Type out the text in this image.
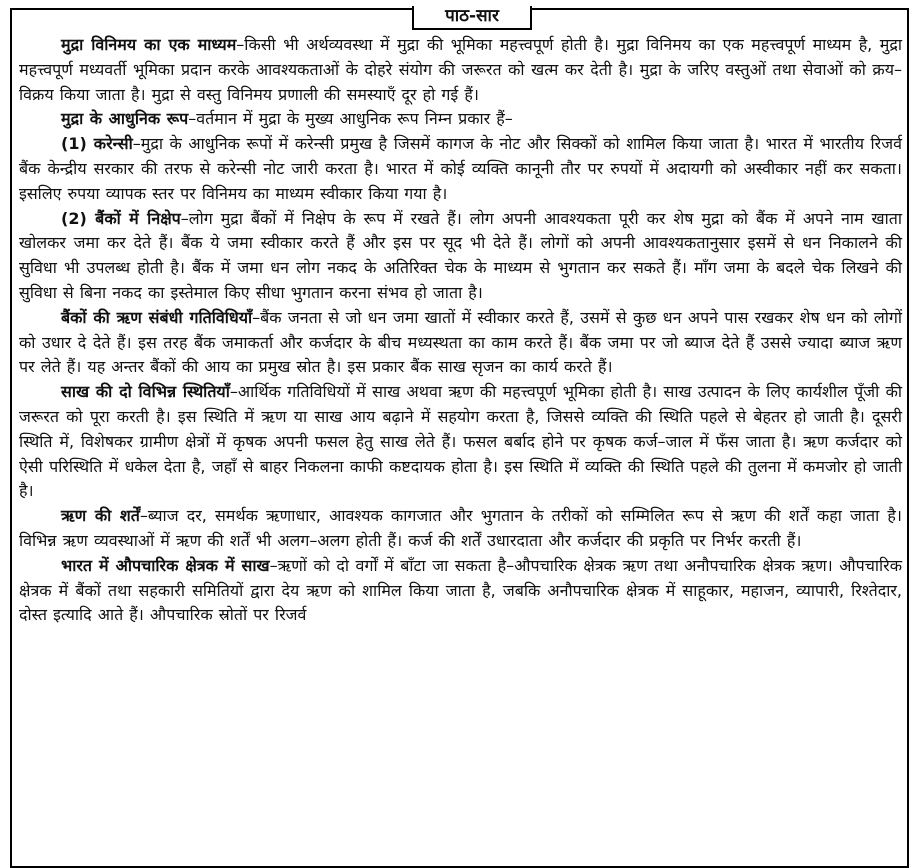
पाठ-सार

मुद्रा विनिमय का एक माध्यम–किसी भी अर्थव्यवस्था में मुद्रा की भूमिका महत्त्वपूर्ण होती है। मुद्रा विनिमय का एक महत्त्वपूर्ण माध्यम है, मुद्रा महत्त्वपूर्ण मध्यवर्ती भूमिका प्रदान करके आवश्यकताओं के दोहरे संयोग की जरूरत को खत्म कर देती है। मुद्रा के जरिए वस्तुओं तथा सेवाओं को क्रय–विक्रय किया जाता है। मुद्रा से वस्तु विनिमय प्रणाली की समस्याएँ दूर हो गई हैं।

मुद्रा के आधुनिक रूप–वर्तमान में मुद्रा के मुख्य आधुनिक रूप निम्न प्रकार हैं–

(1) करेन्सी–मुद्रा के आधुनिक रूपों में करेन्सी प्रमुख है जिसमें कागज के नोट और सिक्कों को शामिल किया जाता है। भारत में भारतीय रिजर्व बैंक केन्द्रीय सरकार की तरफ से करेन्सी नोट जारी करता है। भारत में कोई व्यक्ति कानूनी तौर पर रुपयों में अदायगी को अस्वीकार नहीं कर सकता। इसलिए रुपया व्यापक स्तर पर विनिमय का माध्यम स्वीकार किया गया है।

(2) बैंकों में निक्षेप–लोग मुद्रा बैंकों में निक्षेप के रूप में रखते हैं। लोग अपनी आवश्यकता पूरी कर शेष मुद्रा को बैंक में अपने नाम खाता खोलकर जमा कर देते हैं। बैंक ये जमा स्वीकार करते हैं और इस पर सूद भी देते हैं। लोगों को अपनी आवश्यकतानुसार इसमें से धन निकालने की सुविधा भी उपलब्ध होती है। बैंक में जमा धन लोग नकद के अतिरिक्त चेक के माध्यम से भुगतान कर सकते हैं। माँग जमा के बदले चेक लिखने की सुविधा से बिना नकद का इस्तेमाल किए सीधा भुगतान करना संभव हो जाता है।

बैंकों की ऋण संबंधी गतिविधियाँ–बैंक जनता से जो धन जमा खातों में स्वीकार करते हैं, उसमें से कुछ धन अपने पास रखकर शेष धन को लोगों को उधार दे देते हैं। इस तरह बैंक जमाकर्ता और कर्जदार के बीच मध्यस्थता का काम करते हैं। बैंक जमा पर जो ब्याज देते हैं उससे ज्यादा ब्याज ऋण पर लेते हैं। यह अन्तर बैंकों की आय का प्रमुख स्रोत है। इस प्रकार बैंक साख सृजन का कार्य करते हैं।

साख की दो विभिन्न स्थितियाँ–आर्थिक गतिविधियों में साख अथवा ऋण की महत्त्वपूर्ण भूमिका होती है। साख उत्पादन के लिए कार्यशील पूँजी की जरूरत को पूरा करती है। इस स्थिति में ऋण या साख आय बढ़ाने में सहयोग करता है, जिससे व्यक्ति की स्थिति पहले से बेहतर हो जाती है। दूसरी स्थिति में, विशेषकर ग्रामीण क्षेत्रों में कृषक अपनी फसल हेतु साख लेते हैं। फसल बर्बाद होने पर कृषक कर्ज–जाल में फँस जाता है। ऋण कर्जदार को ऐसी परिस्थिति में धकेल देता है, जहाँ से बाहर निकलना काफी कष्टदायक होता है। इस स्थिति में व्यक्ति की स्थिति पहले की तुलना में कमजोर हो जाती है।

ऋण की शर्तें–ब्याज दर, समर्थक ऋणाधार, आवश्यक कागजात और भुगतान के तरीकों को सम्मिलित रूप से ऋण की शर्तें कहा जाता है। विभिन्न ऋण व्यवस्थाओं में ऋण की शर्तें भी अलग–अलग होती हैं। कर्ज की शर्तें उधारदाता और कर्जदार की प्रकृति पर निर्भर करती हैं।

भारत में औपचारिक क्षेत्रक में साख–ऋणों को दो वर्गों में बाँटा जा सकता है–औपचारिक क्षेत्रक ऋण तथा अनौपचारिक क्षेत्रक ऋण। औपचारिक क्षेत्रक में बैंकों तथा सहकारी समितियों द्वारा देय ऋण को शामिल किया जाता है, जबकि अनौपचारिक क्षेत्रक में साहूकार, महाजन, व्यापारी, रिश्तेदार, दोस्त इत्यादि आते हैं। औपचारिक स्रोतों पर रिजर्व
